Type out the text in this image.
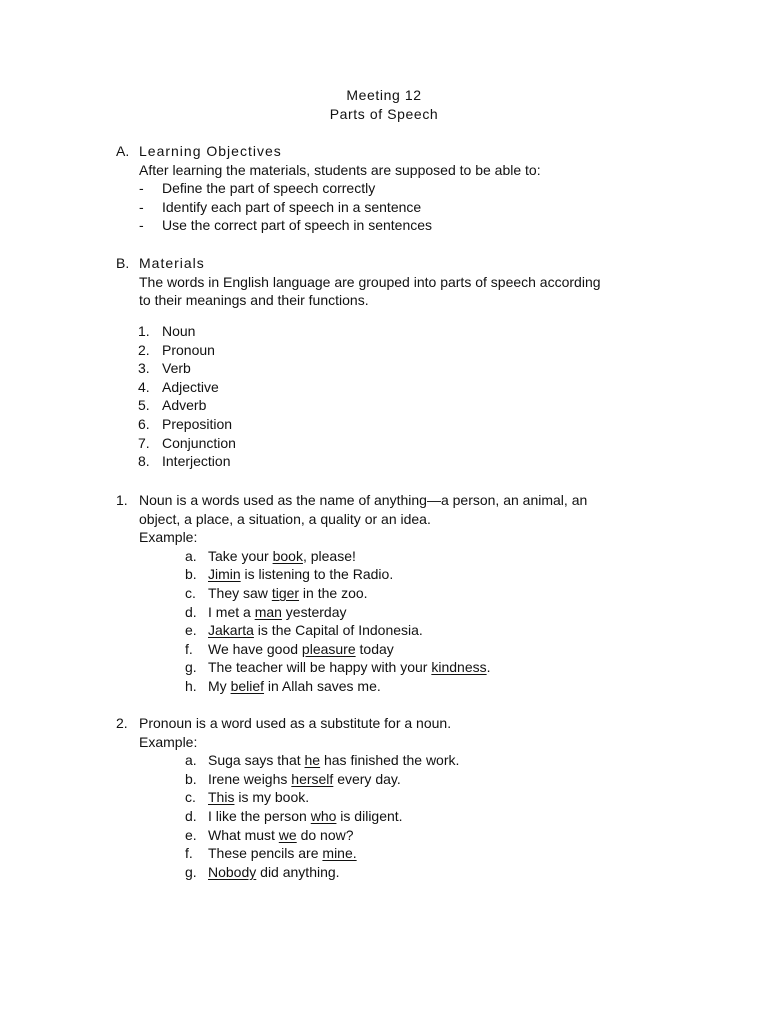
Meeting 12
Parts of Speech
A. Learning Objectives
After learning the materials, students are supposed to be able to:
- Define the part of speech correctly
- Identify each part of speech in a sentence
- Use the correct part of speech in sentences
B. Materials
The words in English language are grouped into parts of speech according
to their meanings and their functions.
1. Noun
2. Pronoun
3. Verb
4. Adjective
5. Adverb
6. Preposition
7. Conjunction
8. Interjection
1. Noun is a words used as the name of anything—a person, an animal, an
object, a place, a situation, a quality or an idea.
Example:
a. Take your book, please!
b. Jimin is listening to the Radio.
c. They saw tiger in the zoo.
d. I met a man yesterday
e. Jakarta is the Capital of Indonesia.
f. We have good pleasure today
g. The teacher will be happy with your kindness.
h. My belief in Allah saves me.
2. Pronoun is a word used as a substitute for a noun.
Example:
a. Suga says that he has finished the work.
b. Irene weighs herself every day.
c. This is my book.
d. I like the person who is diligent.
e. What must we do now?
f. These pencils are mine.
g. Nobody did anything.
